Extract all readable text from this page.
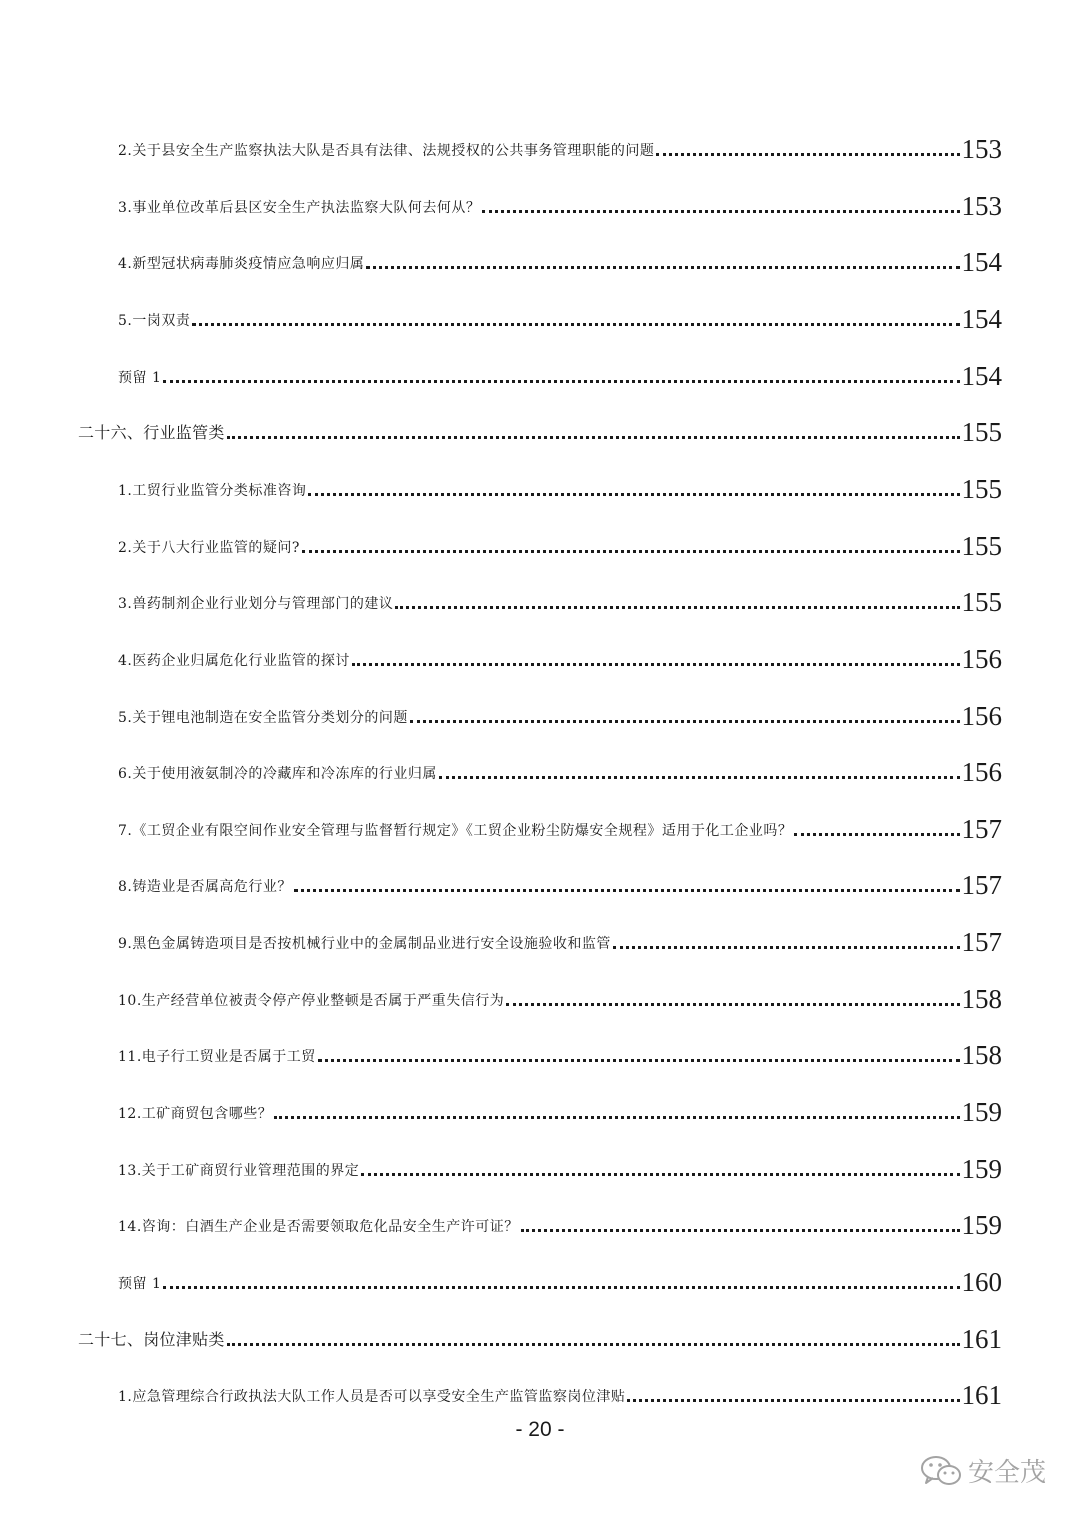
2.关于县安全生产监察执法大队是否具有法律、法规授权的公共事务管理职能的问题	153
3.事业单位改革后县区安全生产执法监察大队何去何从？	153
4.新型冠状病毒肺炎疫情应急响应归属	154
5.一岗双责	154
预留 1	154
二十六、行业监管类	155
1.工贸行业监管分类标准咨询	155
2.关于八大行业监管的疑问?	155
3.兽药制剂企业行业划分与管理部门的建议	155
4.医药企业归属危化行业监管的探讨	156
5.关于锂电池制造在安全监管分类划分的问题	156
6.关于使用液氨制冷的冷藏库和冷冻库的行业归属	156
7.《工贸企业有限空间作业安全管理与监督暂行规定》《工贸企业粉尘防爆安全规程》适用于化工企业吗？	157
8.铸造业是否属高危行业？	157
9.黑色金属铸造项目是否按机械行业中的金属制品业进行安全设施验收和监管	157
10.生产经营单位被责令停产停业整顿是否属于严重失信行为	158
11.电子行工贸业是否属于工贸	158
12.工矿商贸包含哪些？	159
13.关于工矿商贸行业管理范围的界定	159
14.咨询：白酒生产企业是否需要领取危化品安全生产许可证？	159
预留 1	160
二十七、岗位津贴类	161
1.应急管理综合行政执法大队工作人员是否可以享受安全生产监管监察岗位津贴	161
- 20 -
安全茂
